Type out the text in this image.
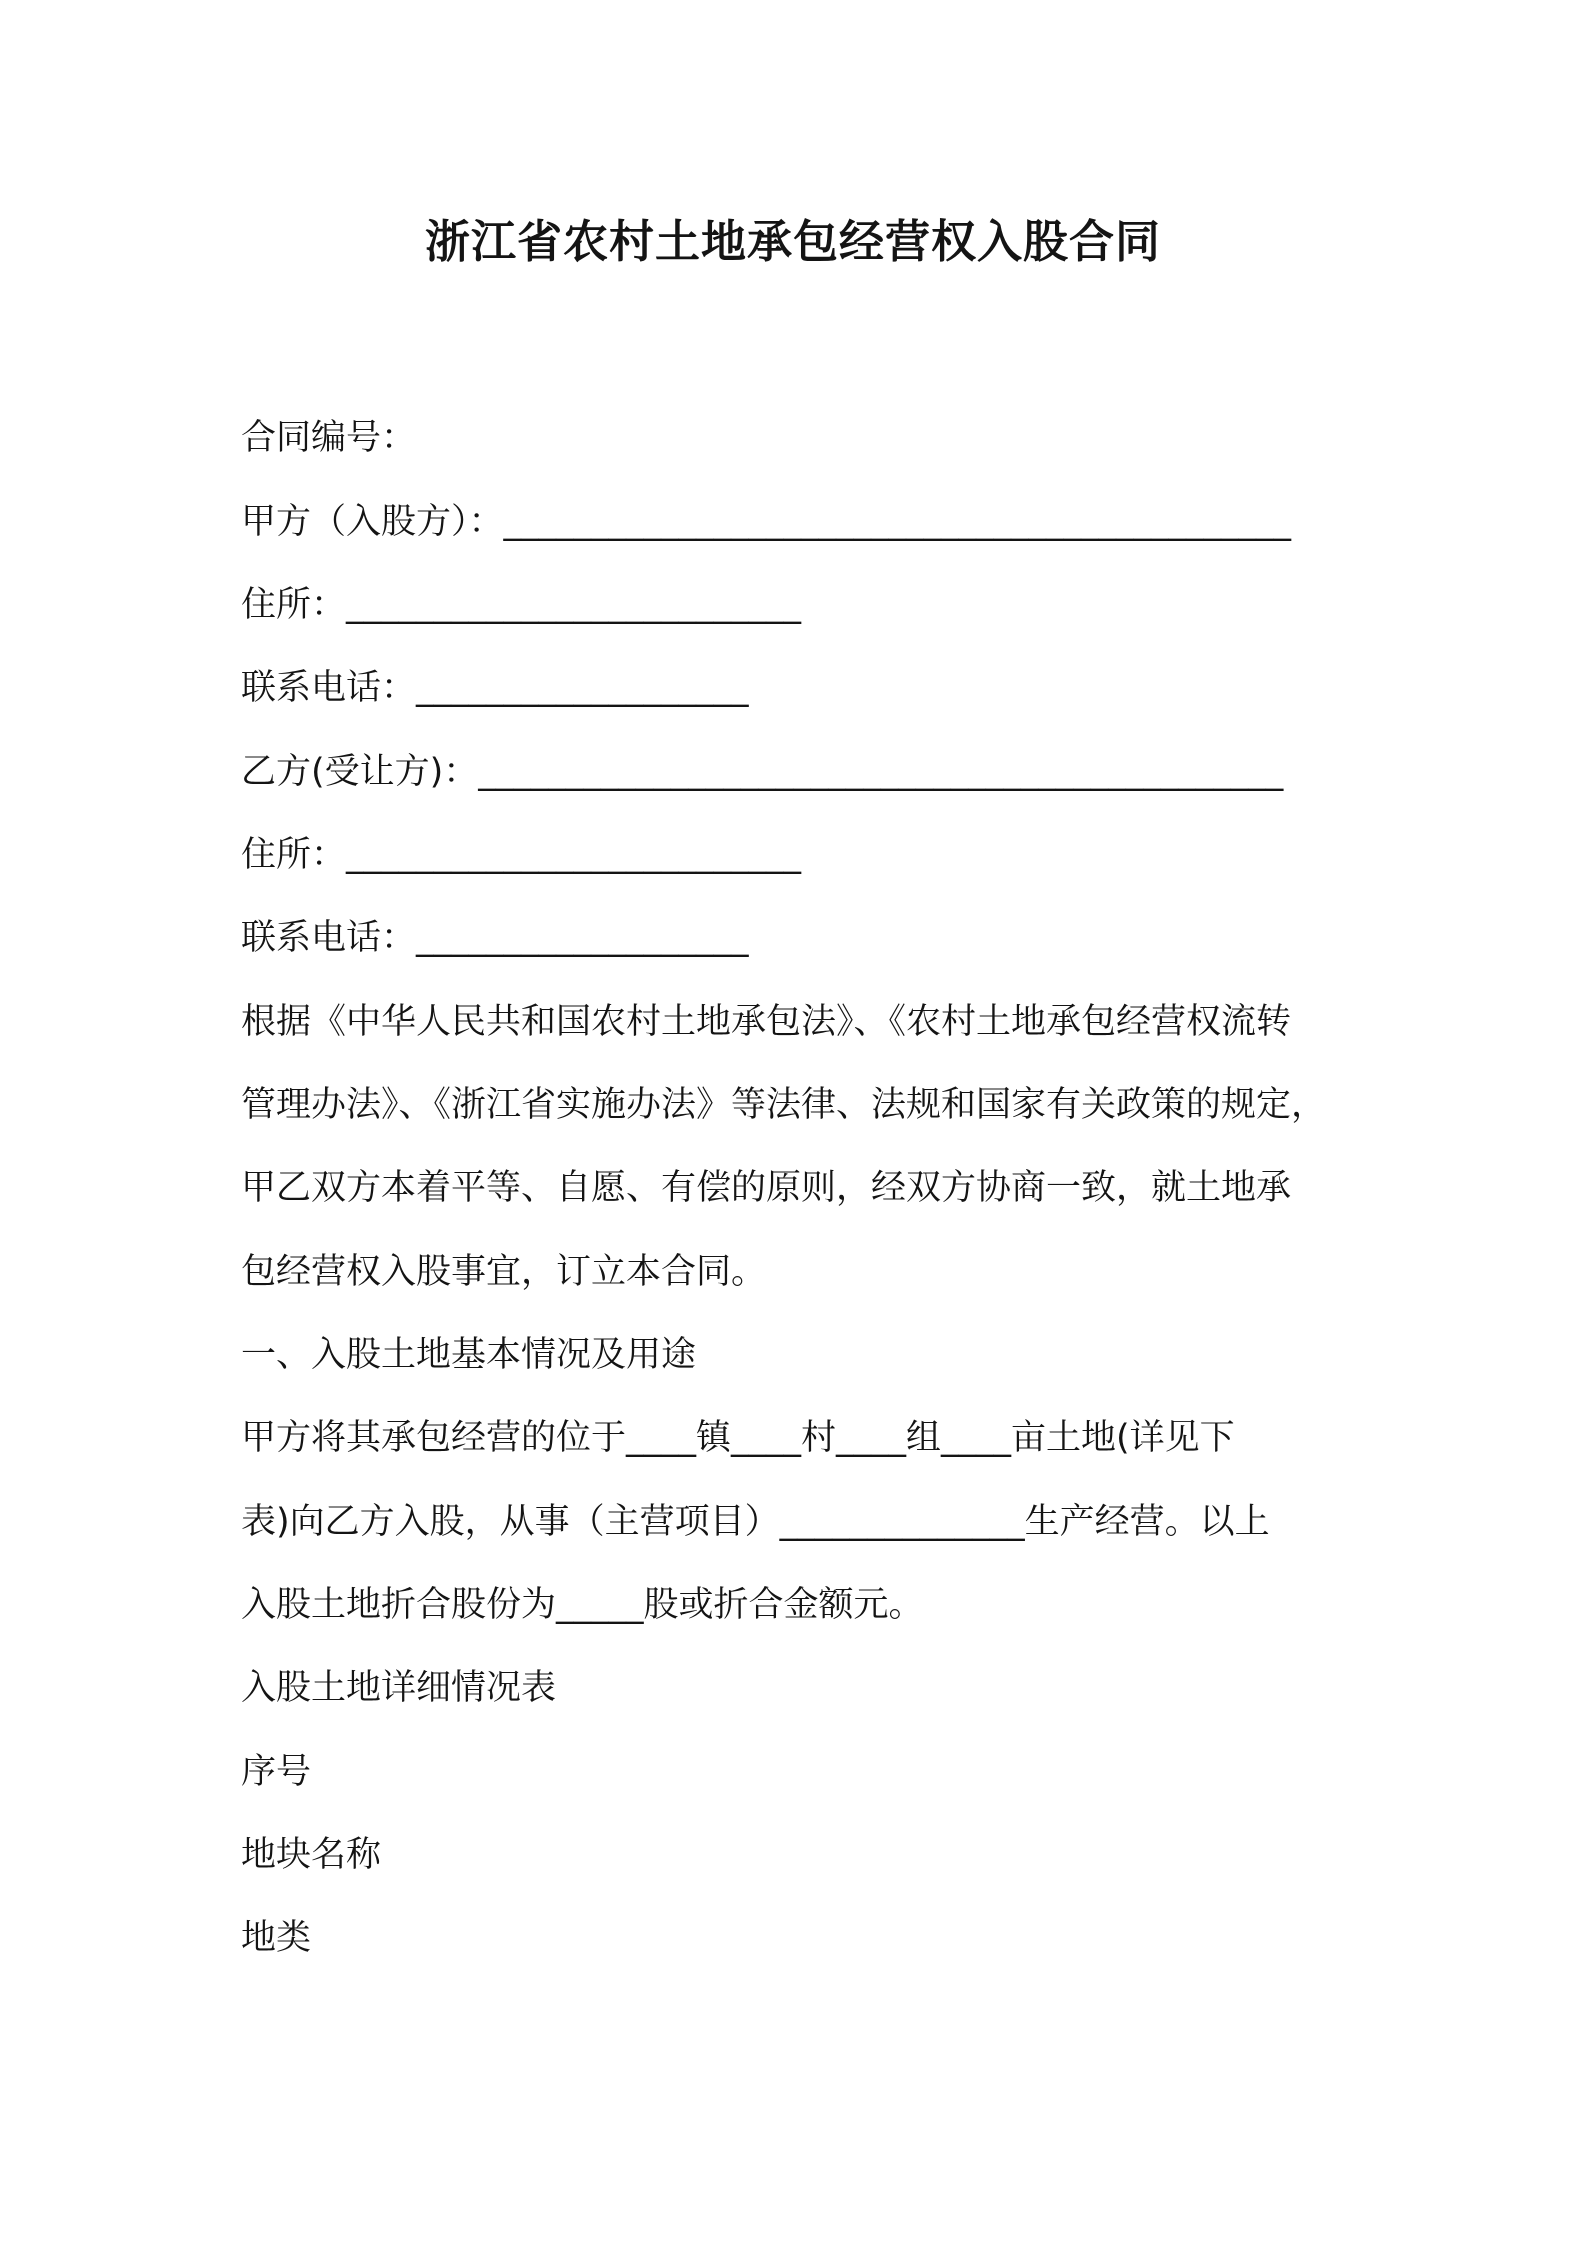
浙江省农村土地承包经营权入股合同
合同编号：
甲方（入股方）：_____________________________________________
住所：__________________________
联系电话：___________________
乙方(受让方)：______________________________________________
住所：__________________________
联系电话：___________________
根据《中华人民共和国农村土地承包法》、《农村土地承包经营权流转
管理办法》、《浙江省实施办法》等法律、法规和国家有关政策的规定，
甲乙双方本着平等、自愿、有偿的原则，经双方协商一致，就土地承
包经营权入股事宜，订立本合同。
一、入股土地基本情况及用途
甲方将其承包经营的位于____镇____村____组____亩土地(详见下
表)向乙方入股，从事（主营项目）______________生产经营。以上
入股土地折合股份为_____股或折合金额元。
入股土地详细情况表
序号
地块名称
地类
